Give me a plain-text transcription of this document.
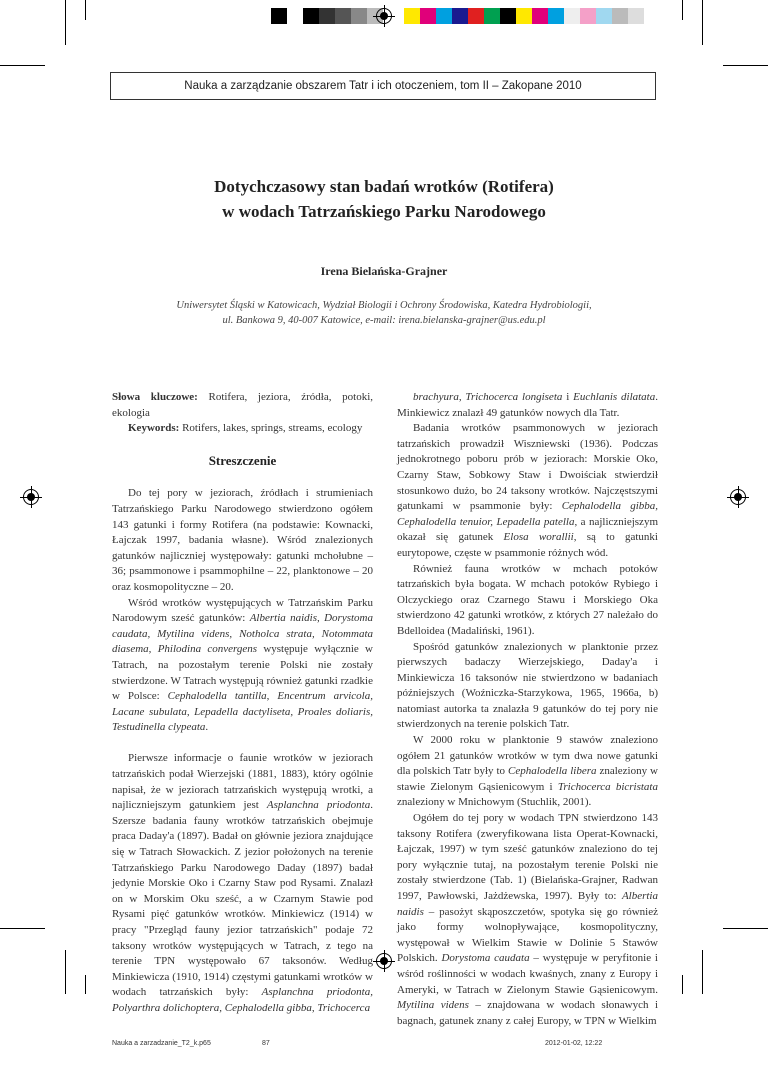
Nauka a zarządzanie obszarem Tatr i ich otoczeniem, tom II – Zakopane 2010
Dotychczasowy stan badań wrotków (Rotifera)
w wodach Tatrzańskiego Parku Narodowego
Irena Bielańska-Grajner
Uniwersytet Śląski w Katowicach, Wydział Biologii i Ochrony Środowiska, Katedra Hydrobiologii,
ul. Bankowa 9, 40-007 Katowice, e-mail: irena.bielanska-grajner@us.edu.pl

Słowa kluczowe: Rotifera, jeziora, źródła, potoki, ekologia

Keywords: Rotifers, lakes, springs, streams, ecology

Streszczenie

Do tej pory w jeziorach, źródłach i strumieniach Tatrzańskiego Parku Narodowego stwierdzono ogółem 143 gatunki i formy Rotifera (na podstawie: Kownacki, Łajczak 1997, badania własne). Wśród znalezionych gatunków najliczniej występowały: gatunki mchołubne – 36; psammonowe i psammophilne – 22, planktonowe – 20 oraz kosmopolityczne – 20.

Wśród wrotków występujących w Tatrzańskim Parku Narodowym sześć gatunków: Albertia naidis, Dorystoma caudata, Mytilina videns, Notholca strata, Notommata diasema, Philodina convergens występuje wyłącznie w Tatrach, na pozostałym terenie Polski nie zostały stwierdzone. W Tatrach występują również gatunki rzadkie w Polsce: Cephalodella tantilla, Encentrum arvicola, Lacane subulata, Lepadella dactyliseta, Proales doliaris, Testudinella clypeata.

Pierwsze informacje o faunie wrotków w jeziorach tatrzańskich podał Wierzejski (1881, 1883), który ogólnie napisał, że w jeziorach tatrzańskich występują wrotki, a najliczniejszym gatunkiem jest Asplanchna priodonta. Szersze badania fauny wrotków tatrzańskich obejmuje praca Daday'a (1897). Badał on głównie jeziora znajdujące się w Tatrach Słowackich. Z jezior położonych na terenie Tatrzańskiego Parku Narodowego Daday (1897) badał jedynie Morskie Oko i Czarny Staw pod Rysami. Znalazł on w Morskim Oku sześć, a w Czarnym Stawie pod Rysami pięć gatunków wrotków. Minkiewicz (1914) w pracy "Przegląd fauny jezior tatrzańskich" podaje 72 taksony wrotków występujących w Tatrach, z tego na terenie TPN występowało 67 taksonów. Według Minkiewicza (1910, 1914) częstymi gatunkami wrotków w wodach tatrzańskich były: Asplanchna priodonta, Polyarthra dolichoptera, Cephalodella gibba, Trichocerca

brachyura, Trichocerca longiseta i Euchlanis dilatata. Minkiewicz znalazł 49 gatunków nowych dla Tatr.

Badania wrotków psammonowych w jeziorach tatrzańskich prowadził Wiszniewski (1936). Podczas jednokrotnego poboru prób w jeziorach: Morskie Oko, Czarny Staw, Sobkowy Staw i Dwoiściak stwierdził stosunkowo dużo, bo 24 taksony wrotków. Najczęstszymi gatunkami w psammonie były: Cephalodella gibba, Cephalodella tenuior, Lepadella patella, a najliczniejszym okazał się gatunek Elosa worallii, są to gatunki eurytopowe, częste w psammonie różnych wód.

Również fauna wrotków w mchach potoków tatrzańskich była bogata. W mchach potoków Rybiego i Olczyckiego oraz Czarnego Stawu i Morskiego Oka stwierdzono 42 gatunki wrotków, z których 27 należało do Bdelloidea (Madaliński, 1961).

Spośród gatunków znalezionych w planktonie przez pierwszych badaczy Wierzejskiego, Daday'a i Minkiewicza 16 taksonów nie stwierdzono w badaniach późniejszych (Woźniczka-Starzykowa, 1965, 1966a, b) natomiast autorka ta znalazła 9 gatunków do tej pory nie stwierdzonych na terenie polskich Tatr.

W 2000 roku w planktonie 9 stawów znaleziono ogółem 21 gatunków wrotków w tym dwa nowe gatunki dla polskich Tatr były to Cephalodella libera znaleziony w stawie Zielonym Gąsienicowym i Trichocerca bicristata znaleziony w Mnichowym (Stuchlik, 2001).

Ogółem do tej pory w wodach TPN stwierdzono 143 taksony Rotifera (zweryfikowana lista Operat-Kownacki, Łajczak, 1997) w tym sześć gatunków znaleziono do tej pory wyłącznie tutaj, na pozostałym terenie Polski nie zostały stwierdzone (Tab. 1) (Bielańska-Grajner, Radwan 1997, Pawłowski, Jażdżewska, 1997). Były to: Albertia naidis – pasożyt skąposzczetów, spotyka się go również jako formy wolnopływające, kosmopolityczny, występował w Wielkim Stawie w Dolinie 5 Stawów Polskich. Dorystoma caudata – występuje w peryfitonie i wśród roślinności w wodach kwaśnych, znany z Europy i Ameryki, w Tatrach w Zielonym Stawie Gąsienicowym. Mytilina videns – znajdowana w wodach słonawych i bagnach, gatunek znany z całej Europy, w TPN w Wielkim

Nauka a zarzadzanie_T2_k.p65	87	2012-01-02, 12:22
